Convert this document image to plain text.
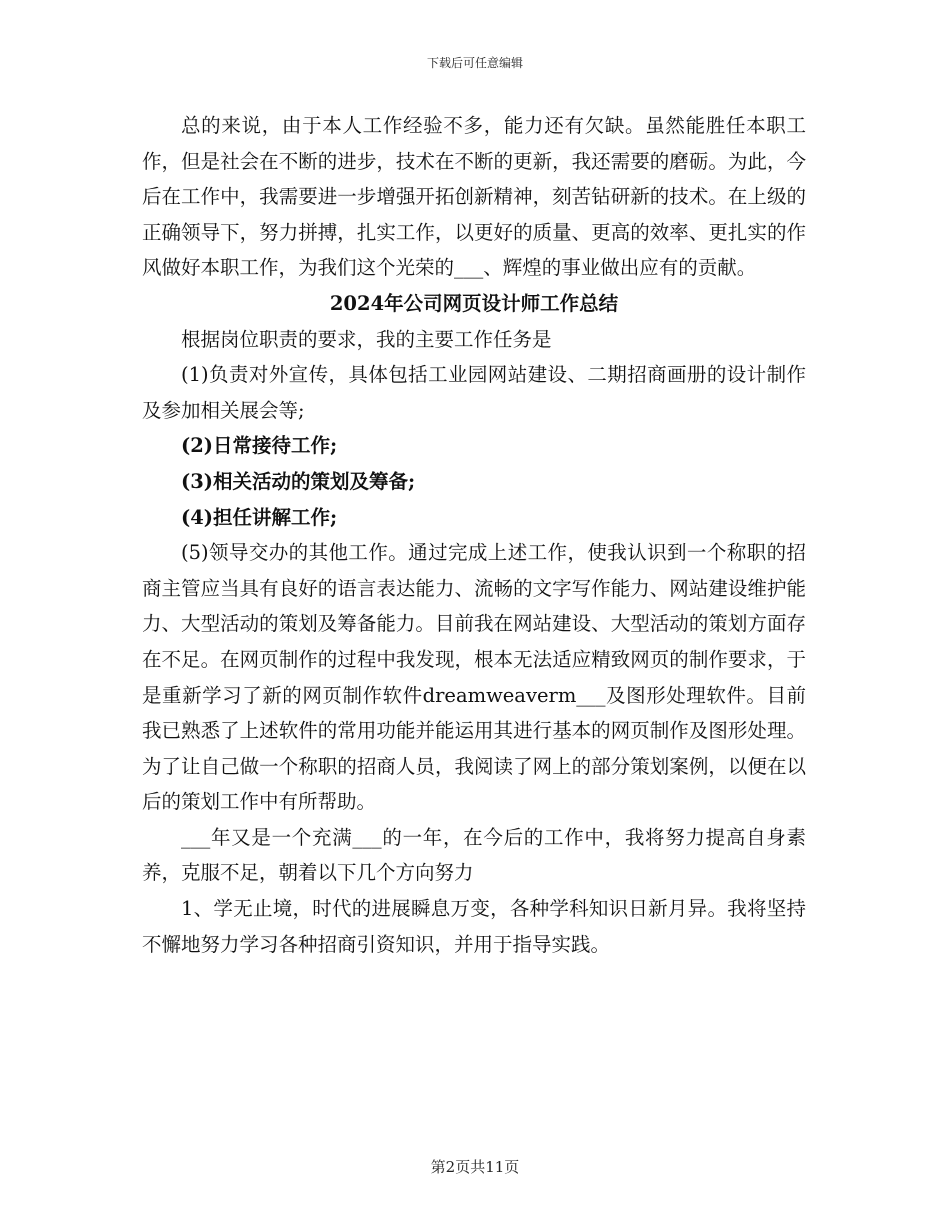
下载后可任意编辑

总的来说，由于本人工作经验不多，能力还有欠缺。虽然能胜任本职工作，但是社会在不断的进步，技术在不断的更新，我还需要的磨砺。为此，今后在工作中，我需要进一步增强开拓创新精神，刻苦钻研新的技术。在上级的正确领导下，努力拼搏，扎实工作，以更好的质量、更高的效率、更扎实的作风做好本职工作，为我们这个光荣的___、辉煌的事业做出应有的贡献。

2024年公司网页设计师工作总结

根据岗位职责的要求，我的主要工作任务是

(1)负责对外宣传，具体包括工业园网站建设、二期招商画册的设计制作及参加相关展会等;

(2)日常接待工作;

(3)相关活动的策划及筹备;

(4)担任讲解工作;

(5)领导交办的其他工作。通过完成上述工作，使我认识到一个称职的招商主管应当具有良好的语言表达能力、流畅的文字写作能力、网站建设维护能力、大型活动的策划及筹备能力。目前我在网站建设、大型活动的策划方面存在不足。在网页制作的过程中我发现，根本无法适应精致网页的制作要求，于是重新学习了新的网页制作软件dreamweaverm___及图形处理软件。目前我已熟悉了上述软件的常用功能并能运用其进行基本的网页制作及图形处理。为了让自己做一个称职的招商人员，我阅读了网上的部分策划案例，以便在以后的策划工作中有所帮助。

___年又是一个充满___的一年，在今后的工作中，我将努力提高自身素养，克服不足，朝着以下几个方向努力

1、学无止境，时代的进展瞬息万变，各种学科知识日新月异。我将坚持不懈地努力学习各种招商引资知识，并用于指导实践。

第2页共11页
